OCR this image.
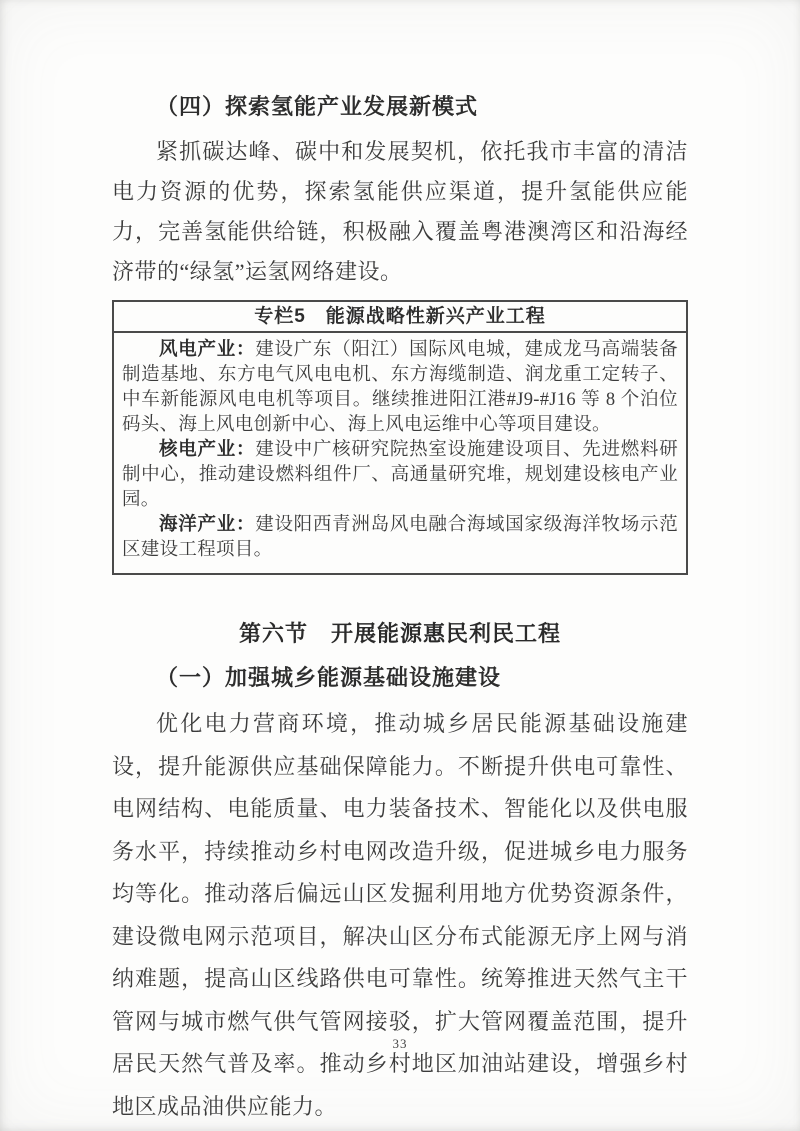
（四）探索氢能产业发展新模式

紧抓碳达峰、碳中和发展契机，依托我市丰富的清洁电力资源的优势，探索氢能供应渠道，提升氢能供应能力，完善氢能供给链，积极融入覆盖粤港澳湾区和沿海经济带的“绿氢”运氢网络建设。

专栏5　能源战略性新兴产业工程

风电产业：建设广东（阳江）国际风电城，建成龙马高端装备制造基地、东方电气风电电机、东方海缆制造、润龙重工定转子、中车新能源风电电机等项目。继续推进阳江港#J9-#J16 等 8 个泊位码头、海上风电创新中心、海上风电运维中心等项目建设。

核电产业：建设中广核研究院热室设施建设项目、先进燃料研制中心，推动建设燃料组件厂、高通量研究堆，规划建设核电产业园。

海洋产业：建设阳西青洲岛风电融合海域国家级海洋牧场示范区建设工程项目。

第六节　开展能源惠民利民工程
（一）加强城乡能源基础设施建设

优化电力营商环境，推动城乡居民能源基础设施建设，提升能源供应基础保障能力。不断提升供电可靠性、电网结构、电能质量、电力装备技术、智能化以及供电服务水平，持续推动乡村电网改造升级，促进城乡电力服务均等化。推动落后偏远山区发掘利用地方优势资源条件，建设微电网示范项目，解决山区分布式能源无序上网与消纳难题，提高山区线路供电可靠性。统筹推进天然气主干管网与城市燃气供气管网接驳，扩大管网覆盖范围，提升居民天然气普及率。推动乡村地区加油站建设，增强乡村地区成品油供应能力。

33
